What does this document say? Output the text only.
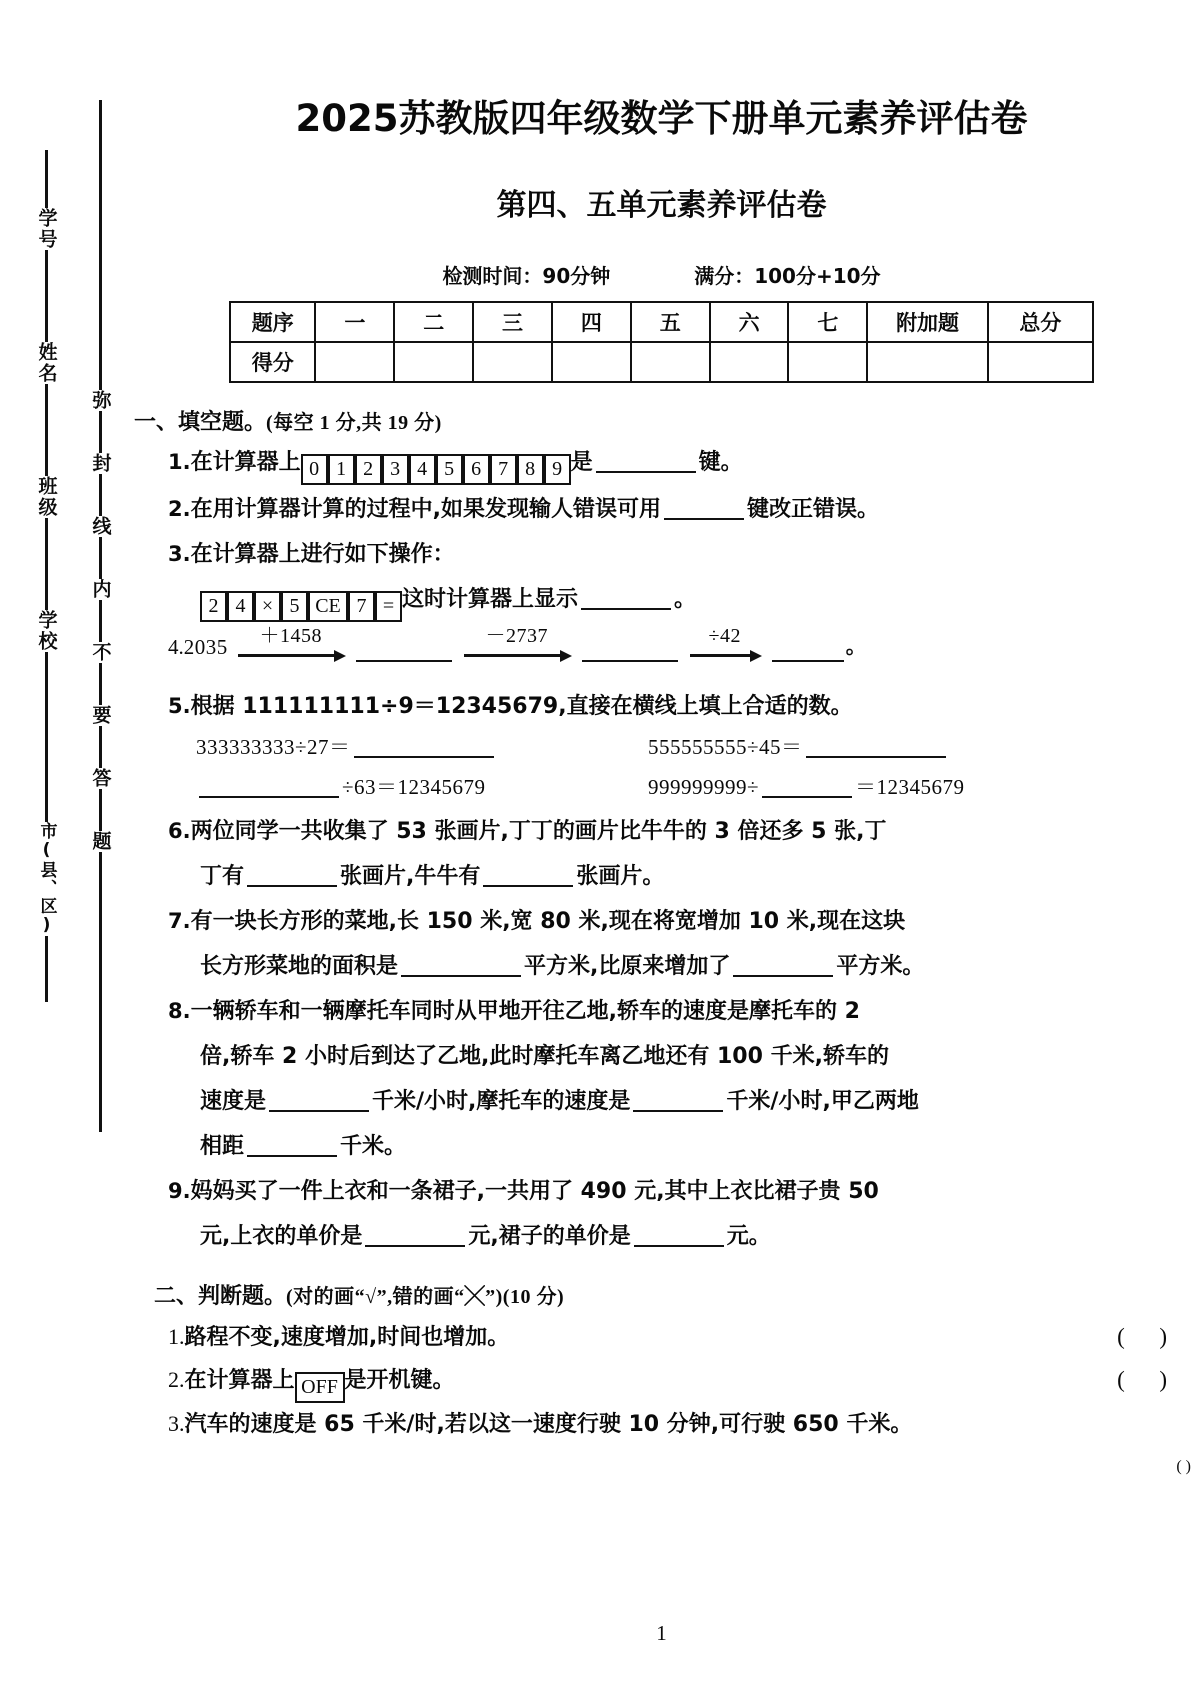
学号
姓名
班级
学校
市(县、区)
弥
封
线
内
不
要
答
题
2025苏教版四年级数学下册单元素养评估卷
第四、五单元素养评估卷
检测时间：90分钟	满分：100分+10分
题序	一	二	三	四	五	六	七	附加题	总分
得分									
一、填空题。(每空 1 分,共 19 分)
1.在计算器上 0 1 2 3 4 5 6 7 8 9 是	键。
2.在用计算器计算的过程中,如果发现输人错误可用	键改正错误。
3.在计算器上进行如下操作：
2 4 × 5 CE 7 = 这时计算器上显示	。
4. 2035	＋1458	－2737	÷42	。
5.根据 111111111÷9＝12345679,直接在横线上填上合适的数。
333333333÷27＝	555555555÷45＝
÷63＝12345679	999999999÷	＝12345679
6.两位同学一共收集了 53 张画片,丁丁的画片比牛牛的 3 倍还多 5 张,丁
丁有	张画片,牛牛有	张画片。
7.有一块长方形的菜地,长 150 米,宽 80 米,现在将宽增加 10 米,现在这块
长方形菜地的面积是	平方米,比原来增加了	平方米。
8.一辆轿车和一辆摩托车同时从甲地开往乙地,轿车的速度是摩托车的 2
倍,轿车 2 小时后到达了乙地,此时摩托车离乙地还有 100 千米,轿车的
速度是	千米/小时,摩托车的速度是	千米/小时,甲乙两地
相距	千米。
9.妈妈买了一件上衣和一条裙子,一共用了 490 元,其中上衣比裙子贵 50
元,上衣的单价是	元,裙子的单价是	元。
二、判断题。(对的画“√”,错的画“╳”)(10 分)
1.路程不变,速度增加,时间也增加。	(      )
2.在计算器上 OFF 是开机键。	(      )
3.汽车的速度是 65 千米/时,若以这一速度行驶 10 分钟,可行驶 650 千米。
( )
1
